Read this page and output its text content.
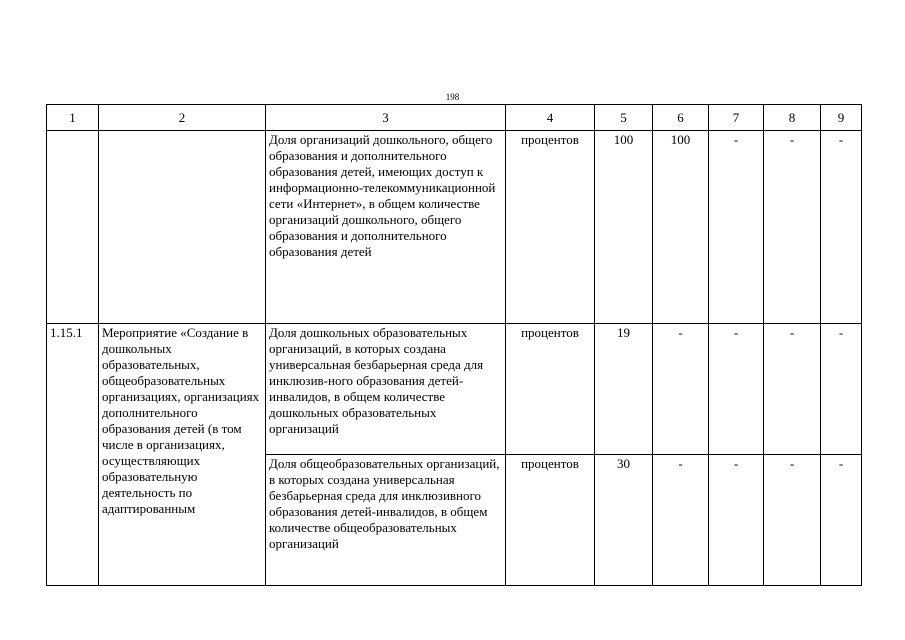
198
1	2	3	4	5	6	7	8	9
		Доля организаций дошкольного, общего образования и дополнительного образования детей, имеющих доступ к информационно-телекоммуникационной сети «Интернет», в общем количестве организаций дошкольного, общего образования и дополнительного образования детей	процентов	100	100	-	-	-
1.15.1	Мероприятие «Создание в дошкольных образовательных, общеобразовательных организациях, организациях дополнительного образования детей (в том числе в организациях, осуществляющих образовательную деятельность по адаптированным	Доля дошкольных образовательных организаций, в которых создана универсальная безбарьерная среда для инклюзив-ного образования детей-инвалидов, в общем количестве дошкольных образовательных организаций	процентов	19	-	-	-	-
		Доля общеобразовательных организаций, в которых создана универсальная безбарьерная среда для инклюзивного образования детей-инвалидов, в общем количестве общеобразовательных организаций	процентов	30	-	-	-	-
